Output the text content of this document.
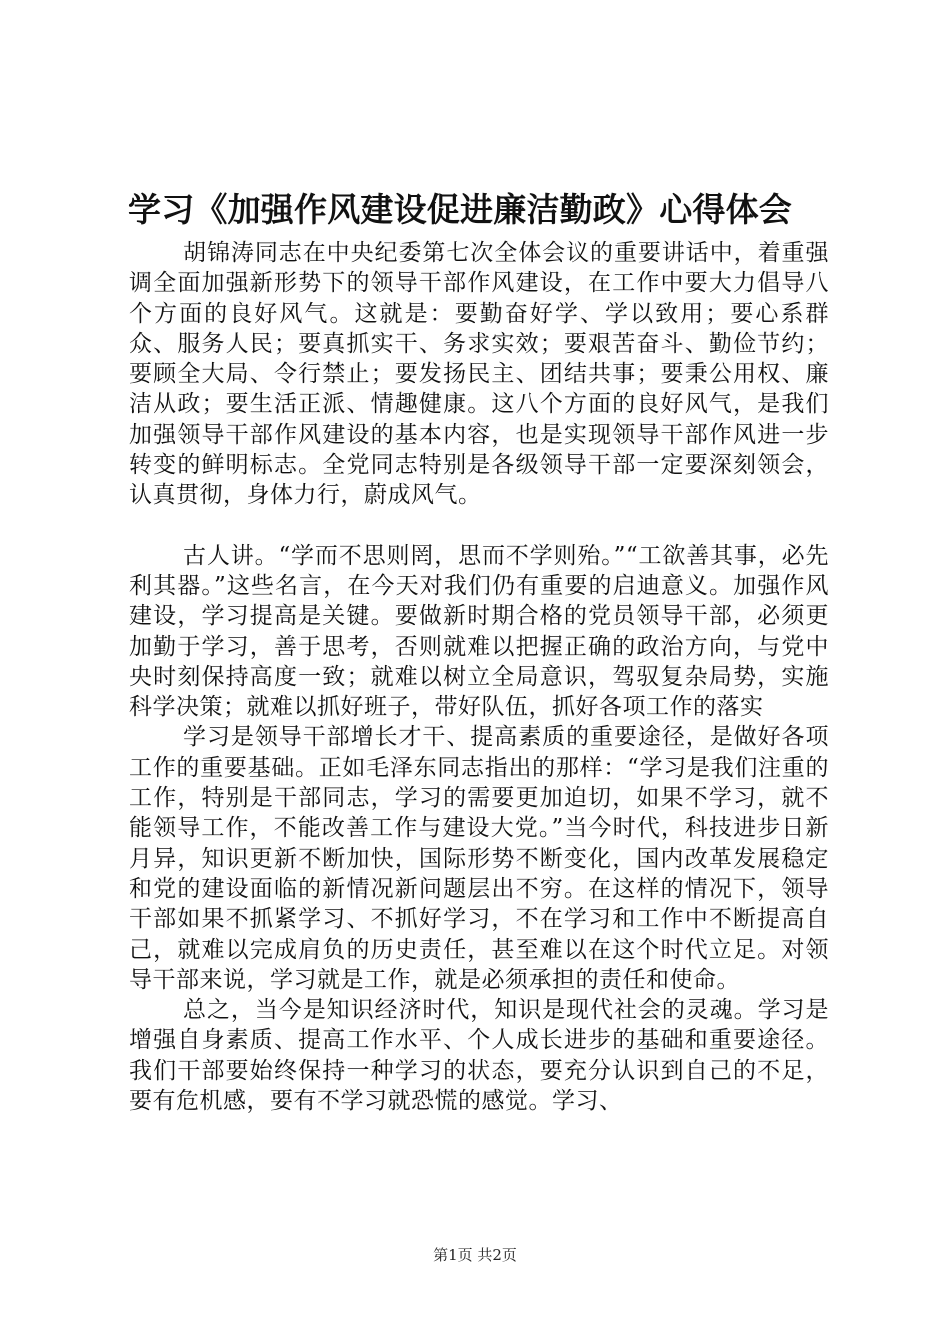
学习《加强作风建设促进廉洁勤政》心得体会

胡锦涛同志在中央纪委第七次全体会议的重要讲话中，着重强调全面加强新形势下的领导干部作风建设，在工作中要大力倡导八个方面的良好风气。这就是：要勤奋好学、学以致用；要心系群众、服务人民；要真抓实干、务求实效；要艰苦奋斗、勤俭节约；要顾全大局、令行禁止；要发扬民主、团结共事；要秉公用权、廉洁从政；要生活正派、情趣健康。这八个方面的良好风气，是我们加强领导干部作风建设的基本内容，也是实现领导干部作风进一步转变的鲜明标志。全党同志特别是各级领导干部一定要深刻领会，认真贯彻，身体力行，蔚成风气。

古人讲。“学而不思则罔，思而不学则殆。”“工欲善其事，必先利其器。”这些名言，在今天对我们仍有重要的启迪意义。加强作风建设，学习提高是关键。要做新时期合格的党员领导干部，必须更加勤于学习，善于思考，否则就难以把握正确的政治方向，与党中央时刻保持高度一致；就难以树立全局意识，驾驭复杂局势，实施科学决策；就难以抓好班子，带好队伍，抓好各项工作的落实

学习是领导干部增长才干、提高素质的重要途径，是做好各项工作的重要基础。正如毛泽东同志指出的那样：“学习是我们注重的工作，特别是干部同志，学习的需要更加迫切，如果不学习，就不能领导工作，不能改善工作与建设大党。”当今时代，科技进步日新月异，知识更新不断加快，国际形势不断变化，国内改革发展稳定和党的建设面临的新情况新问题层出不穷。在这样的情况下，领导干部如果不抓紧学习、不抓好学习，不在学习和工作中不断提高自己，就难以完成肩负的历史责任，甚至难以在这个时代立足。对领导干部来说，学习就是工作，就是必须承担的责任和使命。

总之，当今是知识经济时代，知识是现代社会的灵魂。学习是增强自身素质、提高工作水平、个人成长进步的基础和重要途径。我们干部要始终保持一种学习的状态，要充分认识到自己的不足，要有危机感，要有不学习就恐慌的感觉。学习、

第1页 共2页
